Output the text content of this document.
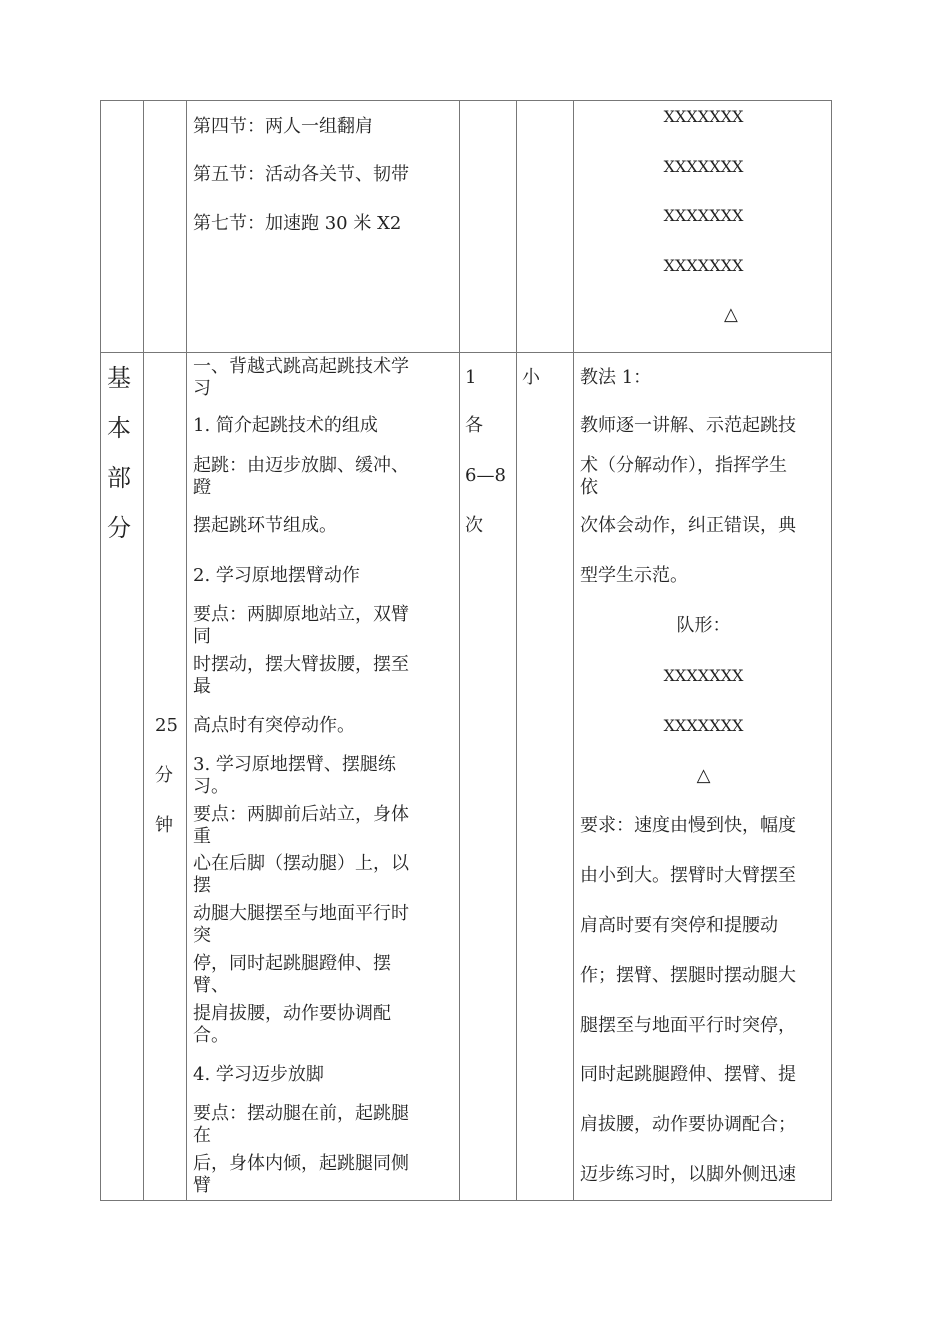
第四节：两人一组翻肩
第五节：活动各关节、韧带
第七节：加速跑 30 米 X2
XXXXXXX
XXXXXXX
XXXXXXX
XXXXXXX
△
基
本
部
分
25
分
钟
一、背越式跳高起跳技术学
习
1. 简介起跳技术的组成
起跳：由迈步放脚、缓冲、
蹬
摆起跳环节组成。
2. 学习原地摆臂动作
要点：两脚原地站立，双臂
同
时摆动，摆大臂拔腰，摆至
最
高点时有突停动作。
3. 学习原地摆臂、摆腿练
习。
要点：两脚前后站立，身体
重
心在后脚（摆动腿）上，以
摆
动腿大腿摆至与地面平行时
突
停，同时起跳腿蹬伸、摆
臂、
提肩拔腰，动作要协调配
合。
4. 学习迈步放脚
要点：摆动腿在前，起跳腿
在
后，身体内倾，起跳腿同侧
臂
1
各
6—8
次
小 教法 1：
教师逐一讲解、示范起跳技
术（分解动作），指挥学生
依
次体会动作，纠正错误，典
型学生示范。
队形：
XXXXXXX
XXXXXXX
△
要求：速度由慢到快，幅度
由小到大。摆臂时大臂摆至
肩高时要有突停和提腰动
作；摆臂、摆腿时摆动腿大
腿摆至与地面平行时突停，
同时起跳腿蹬伸、摆臂、提
肩拔腰，动作要协调配合；
迈步练习时，以脚外侧迅速
